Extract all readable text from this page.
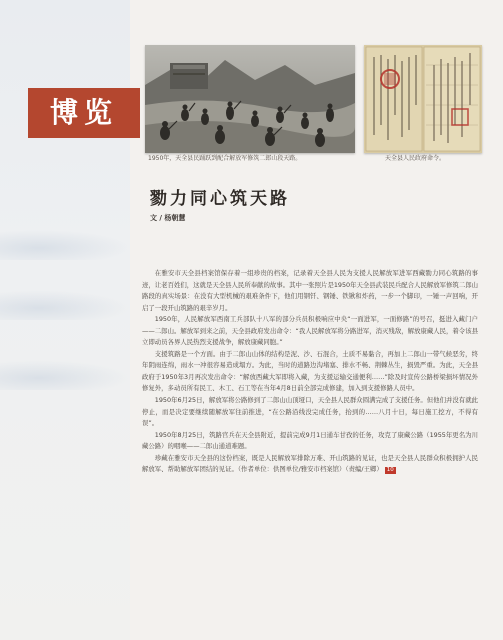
博览
1950年，天全县民踊跃到配合解放军修筑二郎山段天路。	天全县人民政府命令。
勠力同心筑天路
文 / 杨朝慧

在雅安市天全县档案馆保存着一组珍贵的档案，记录着天全县人民为支援人民解放军进军西藏勠力同心筑路的事迹，让老百姓们，这就是天全县人民所奉献的故事。其中一张照片是1950年天全县武装民兵配合人民解放军修筑二郎山路段的真实场景：在没有大型机械的艰难条件下，他们用钢钎、钢锤、铁锹和炸药，一步一个脚印，一锤一声回响，开启了一段开山筑路的艰辛岁月。

1950年，人民解放军西南工兵部队十八军的部分兵员积极响应中央“一面进军，一面修路”的号召，挺进入藏门户——二郎山。解放军到来之前，天全县政府发出命令：“我人民解放军将分路进军，消灭残敌，解放康藏人民，着令该县立即动员各界人民热烈支援战争，解放康藏同胞。”

支援筑路是一个方面。由于二郎山山体的结构是泥、沙、石混合，土质不易黏合，再加上二郎山一带气候恶劣，终年阴雨连绵，雨水一冲很容易造成塌方。为此，当时的道路边沟堵塞、排水不畅、荆棘丛生，损毁严重。为此，天全县政府于1950年3月再次发出命令：“解放西藏大军即将入藏，为支援运输交通便利……”除及时宣传公路桥梁损坏情况外修复外，多动员所有民工、木工、石工等在当年4月8日前全部完成修建，加入到支援修路人员中。

1950年6月25日，解放军将公路修到了二郎山山顶垭口，天全县人民群众圆满完成了支援任务。但他们并没有就此停止，而是决定要继续随解放军往前推进，“在公路沿线没完成任务，抬到的……八月十日，每日施工挖方，不得有误”。

1950年8月25日，筑路官兵在天全县附近，提前完成9月1日通车甘孜的任务，攻克了康藏公路（1955年更名为川藏公路）的咽喉——二郎山通道难题。

珍藏在雅安市天全县的这份档案，既是人民解放军排除万难、开山筑路的见证，也是天全县人民群众积极拥护人民解放军、帮助解放军团结的见证。（作者单位：供图单位/雅安市档案馆）（责编/王卿） 10
